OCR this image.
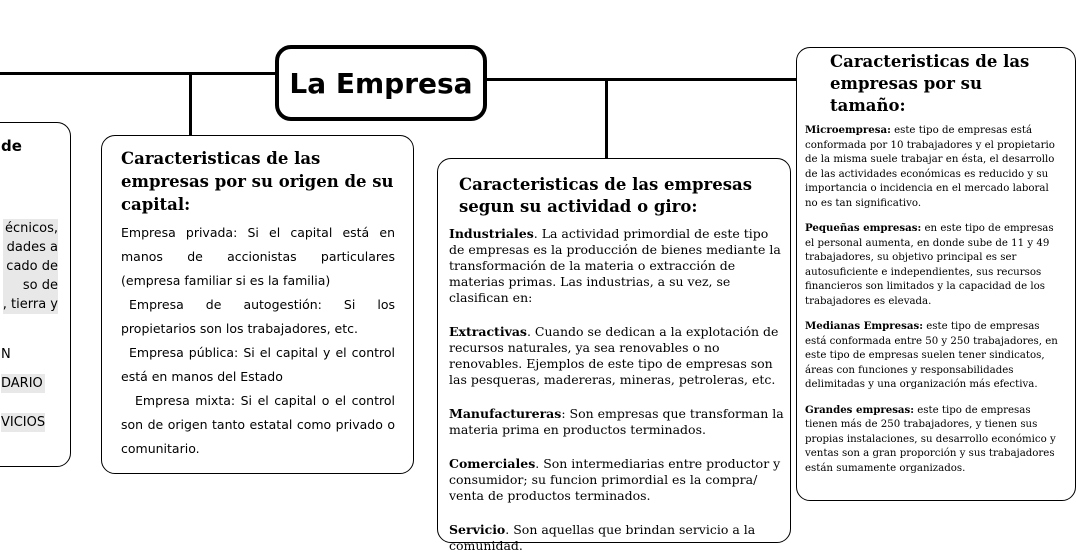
La Empresa
de

écnicos,

dades a

cado de

so de

, tierra y

N

DARIO

VICIOS

Caracteristicas de las empresas por su origen de su capital:

Empresa privada: Si el capital está en manos de accionistas particulares (empresa familiar si es la familia)

Empresa de autogestión: Si los propietarios son los trabajadores, etc.

Empresa pública: Si el capital y el control está en manos del Estado

Empresa mixta: Si el capital o el control son de origen tanto estatal como privado o comunitario.

Caracteristicas de las empresas segun su actividad o giro:

Industriales. La actividad primordial de este tipo de empresas es la producción de bienes mediante la transformación de la materia o extracción de materias primas. Las industrias, a su vez, se clasifican en:

Extractivas. Cuando se dedican a la explotación de recursos naturales, ya sea renovables o no renovables. Ejemplos de este tipo de empresas son las pesqueras, madereras, mineras, petroleras, etc.

Manufactureras: Son empresas que transforman la materia prima en productos terminados.

Comerciales. Son intermediarias entre productor y consumidor; su funcion primordial es la compra/ venta de productos terminados.

Servicio. Son aquellas que brindan servicio a la comunidad.

Caracteristicas de las empresas por su tamaño:

Microempresa: este tipo de empresas está conformada por 10 trabajadores y el propietario de la misma suele trabajar en ésta, el desarrollo de las actividades económicas es reducido y su importancia o incidencia en el mercado laboral no es tan significativo.

Pequeñas empresas: en este tipo de empresas el personal aumenta, en donde sube de 11 y 49 trabajadores, su objetivo principal es ser autosuficiente e independientes, sus recursos financieros son limitados y la capacidad de los trabajadores es elevada.

Medianas Empresas: este tipo de empresas está conformada entre 50 y 250 trabajadores, en este tipo de empresas suelen tener sindicatos, áreas con funciones y responsabilidades delimitadas y una organización más efectiva.

Grandes empresas: este tipo de empresas tienen más de 250 trabajadores, y tienen sus propias instalaciones, su desarrollo económico y ventas son a gran proporción y sus trabajadores están sumamente organizados.
